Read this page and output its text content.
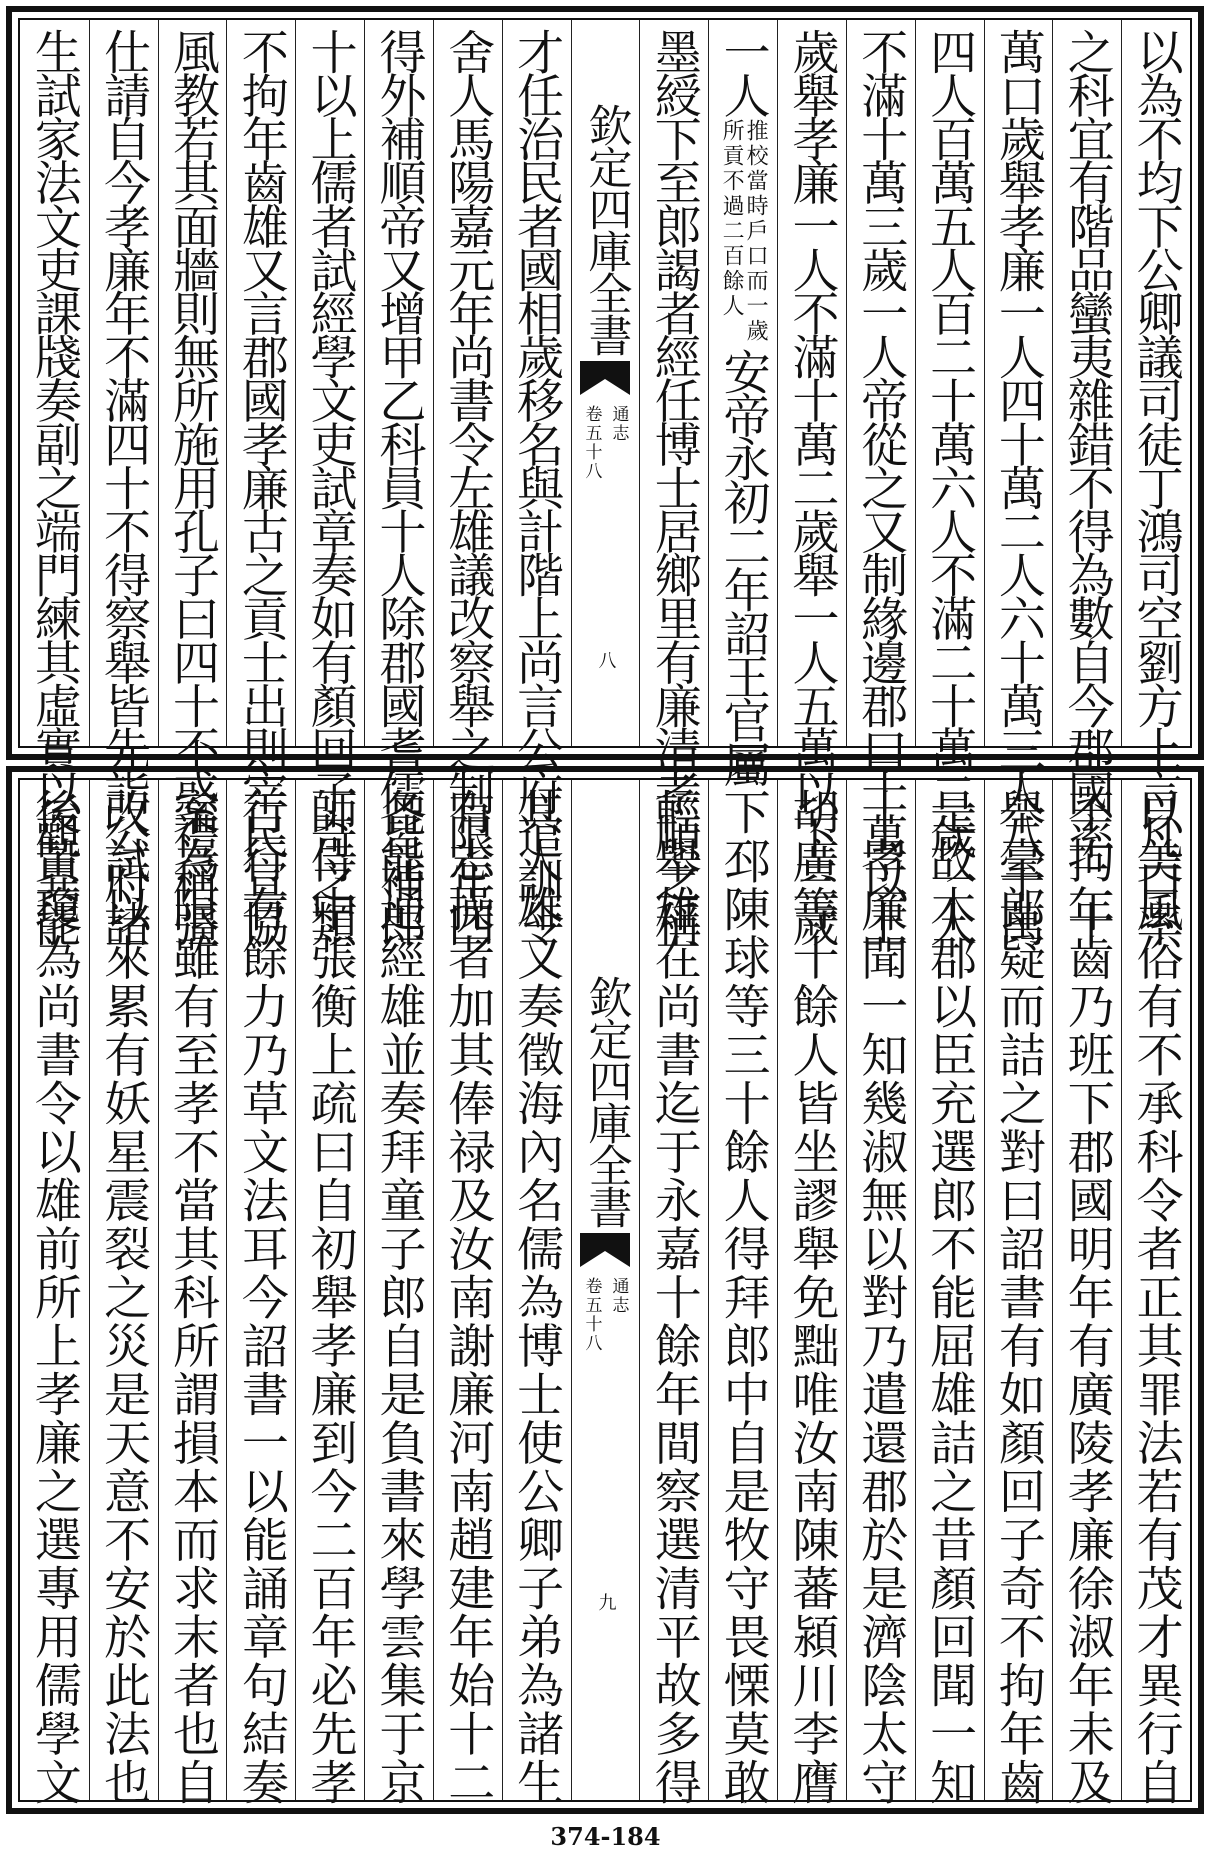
以為不均下公卿議司徒丁鴻司空劉方上言凡口率
之科宜有階品蠻夷雜錯不得為數自今郡國率二十
萬口歲舉孝廉一人四十萬二人六十萬三人八十萬
四人百萬五人百二十萬六人不滿二十萬二歲一人
不滿十萬三歲一人帝從之又制緣邊郡口十萬以上
歲舉孝廉一人不滿十萬二歲舉一人五萬以下三歲
一人
推校當時戶口而一歲
所貢不過二百餘人
安帝永初二年詔王官屬
墨綬下至郎謁者經任博士居鄉里有廉清孝順之稱
欽定四庫全書
通志
卷五十八
八
才任治民者國相歲移名與計階上尚言公府逭訓令
舍人馬陽嘉元年尚書令左雄議改察舉之制限年四
得外補順帝又增甲乙科員十人除郡國耆儒皆補郎
十以上儒者試經學文吏試章奏如有顏回子奇之類
不拘年齒雄又言郡國孝廉古之貢士出則宰民宣協
風教若其面牆則無所施用孔子曰四十不惑禮稱彊
仕請自今孝廉年不滿四十不得察舉皆先詣公府諸
生試家法文吏課牋奏副之端門練其虛實以觀異能
以美風俗有不承科令者正其罪法若有茂才異行自
不拘年齒乃班下郡國明年有廣陵孝廉徐淑年未及
舉臺郎疑而詰之對曰詔書有如顏回子奇不拘年齒
是故本郡以臣充選郎不能屈雄詰之昔顏回聞一知
十孝廉聞一知幾淑無以對乃遣還郡於是濟陰太守
胡廣等十餘人皆坐謬舉免黜唯汝南陳蕃潁川李膺
下邳陳球等三十餘人得拜郎中自是牧守畏慄莫敢
輕舉雄在尚書迄于永嘉十餘年間察選清平故多得
欽定四庫全書
通志
卷五十八
九
其人雄又奏徵海內名儒為博士使公卿子弟為諸生
有志操者加其俸禄及汝南謝廉河南趙建年始十二
各能通經雄並奏拜童子郎自是負書來學雲集于京
師侍中張衡上疏曰自初舉孝廉到今二百年必先孝
行行有餘力乃草文法耳今詔書一以能誦章句結奏
案為限雖有至孝不當其科所謂損本而求末者也自
改試以來累有妖星震裂之災是天意不安於此法也
後黃瓊為尚書令以雄前所上孝廉之選專用儒學文
374-184
